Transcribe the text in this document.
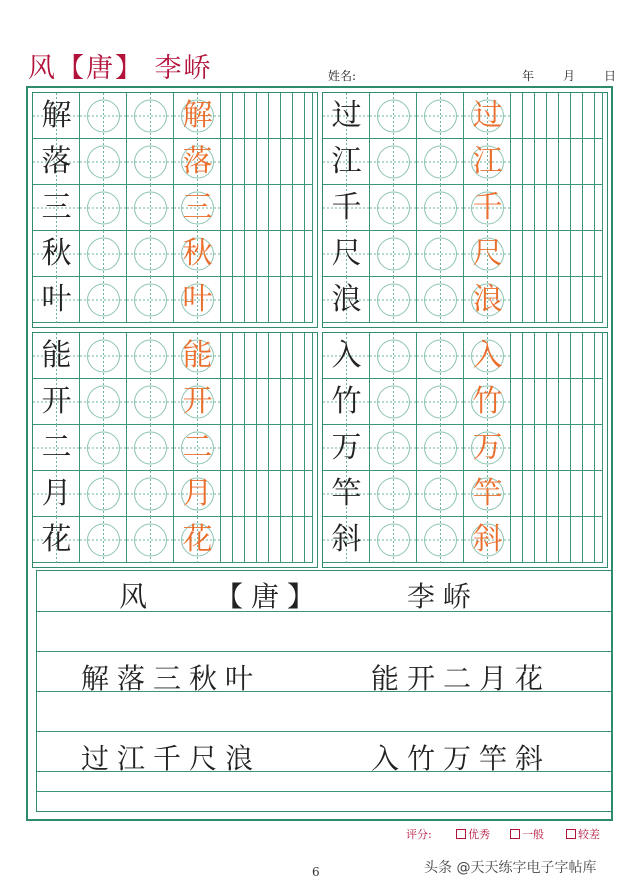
风【唐】 李峤	姓名:	年 月 日
解	解
落	落
三	三
秋	秋
叶	叶
过	过
江	江
千	千
尺	尺
浪	浪
能	能
开	开
二	二
月	月
花	花
入	入
竹	竹
万	万
竿	竿
斜	斜
风 【唐】	李峤
解落三秋叶	能开二月花
过江千尺浪	入竹万竿斜
评分:	优秀	一般	较差
6	头条 @天天练字电子字帖库
